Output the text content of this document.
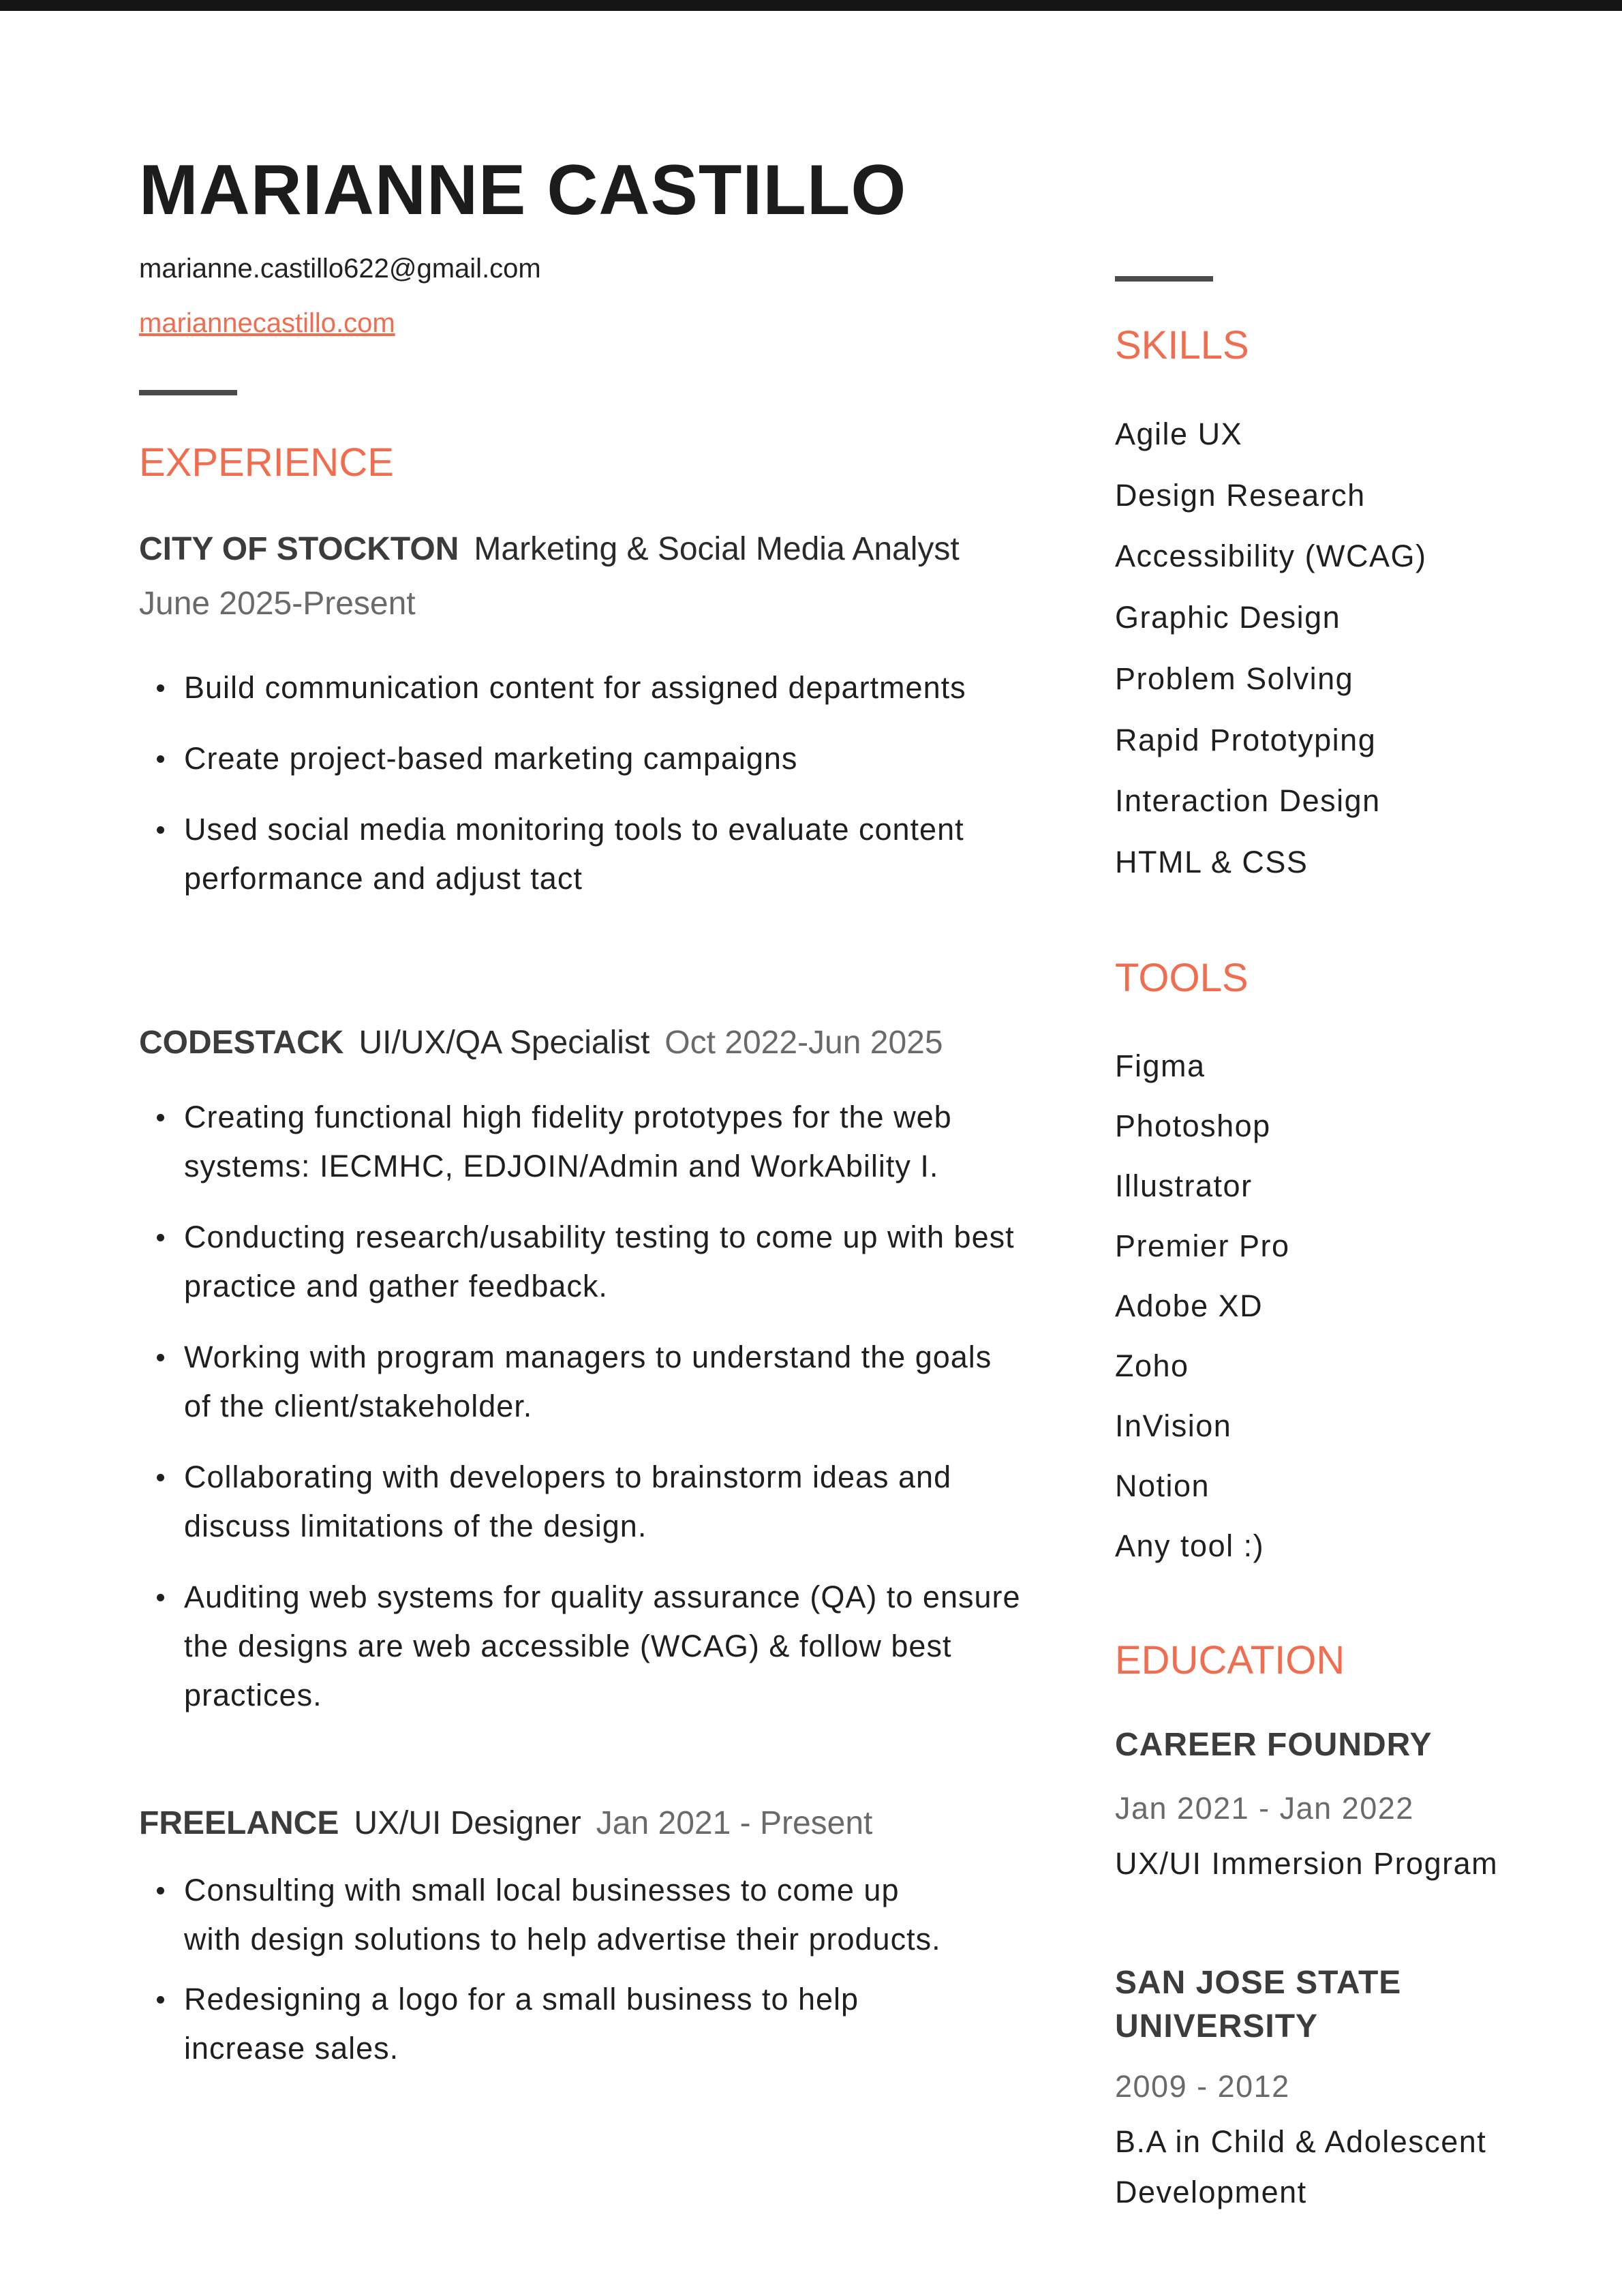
MARIANNE CASTILLO
marianne.castillo622@gmail.com
mariannecastillo.com
EXPERIENCE
CITY OF STOCKTON Marketing & Social Media Analyst
June 2025-Present
Build communication content for assigned departments
Create project-based marketing campaigns
Used social media monitoring tools to evaluate content performance and adjust tact
CODESTACK UI/UX/QA Specialist Oct 2022-Jun 2025
Creating functional high fidelity prototypes for the web systems: IECMHC, EDJOIN/Admin and WorkAbility I.
Conducting research/usability testing to come up with best practice and gather feedback.
Working with program managers to understand the goals of the client/stakeholder.
Collaborating with developers to brainstorm ideas and discuss limitations of the design.
Auditing web systems for quality assurance (QA) to ensure the designs are web accessible (WCAG) & follow best practices.
FREELANCE UX/UI Designer Jan 2021 - Present
Consulting with small local businesses to come up with design solutions to help advertise their products.
Redesigning a logo for a small business to help increase sales.
SKILLS
Agile UX
Design Research
Accessibility (WCAG)
Graphic Design
Problem Solving
Rapid Prototyping
Interaction Design
HTML & CSS
TOOLS
Figma
Photoshop
Illustrator
Premier Pro
Adobe XD
Zoho
InVision
Notion
Any tool :)
EDUCATION
CAREER FOUNDRY
Jan 2021 - Jan 2022
UX/UI Immersion Program
SAN JOSE STATE UNIVERSITY
2009 - 2012
B.A in Child & Adolescent Development
